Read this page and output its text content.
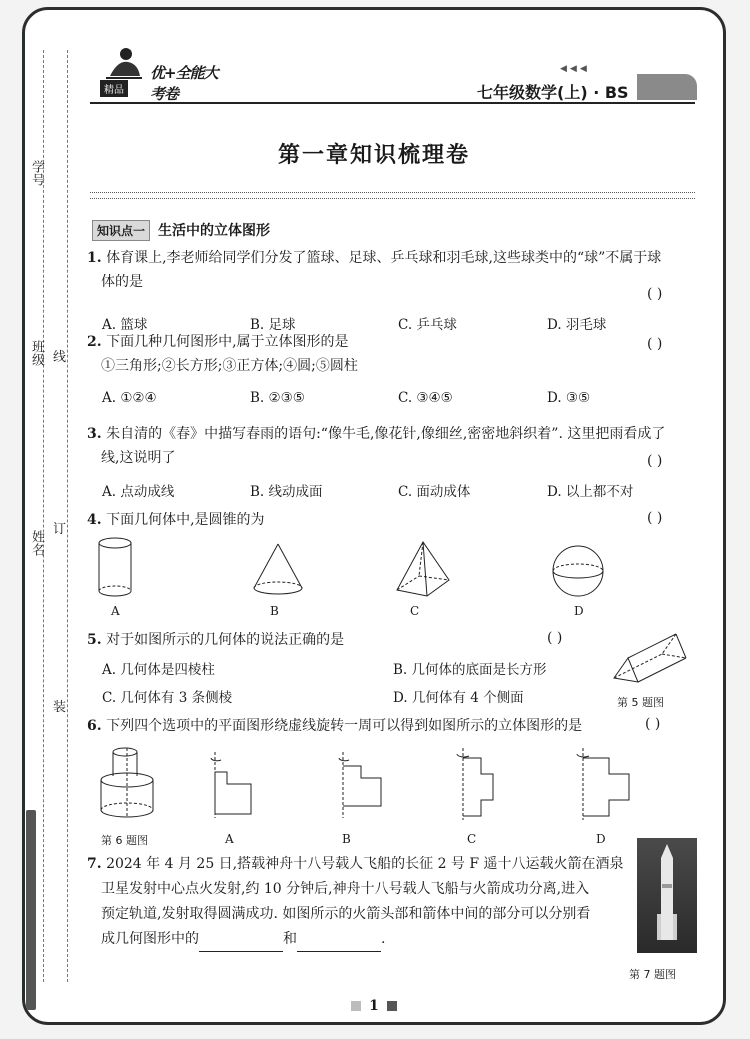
学号
班级 线
订
姓名
装
精品
优+全能大考卷
◀◀◀
七年级数学(上) · BS
第一章知识梳理卷
知识点一 生活中的立体图形
1. 体育课上,李老师给同学们分发了篮球、足球、乒乓球和羽毛球,这些球类中的“球”不属于球
体的是
( )
A. 篮球	B. 足球	C. 乒乓球	D. 羽毛球
2. 下面几种几何图形中,属于立体图形的是
①三角形;②长方形;③正方体;④圆;⑤圆柱
( )
A. ①②④	B. ②③⑤	C. ③④⑤	D. ③⑤
3. 朱自清的《春》中描写春雨的语句:“像牛毛,像花针,像细丝,密密地斜织着”. 这里把雨看成了
线,这说明了	( )
A. 点动成线	B. 线动成面	C. 面动成体	D. 以上都不对
4. 下面几何体中,是圆锥的为	( )
A	B	C	D
5. 对于如图所示的几何体的说法正确的是	( )
A. 几何体是四棱柱	B. 几何体的底面是长方形
C. 几何体有 3 条侧棱	D. 几何体有 4 个侧面	第 5 题图
6. 下列四个选项中的平面图形绕虚线旋转一周可以得到如图所示的立体图形的是	( )
第 6 题图	A	B	C	D
7. 2024 年 4 月 25 日,搭载神舟十八号载人飞船的长征 2 号 F 遥十八运载火箭在酒泉
卫星发射中心点火发射,约 10 分钟后,神舟十八号载人飞船与火箭成功分离,进入
预定轨道,发射取得圆满成功. 如图所示的火箭头部和箭体中间的部分可以分别看
成几何图形中的	和	.
第 7 题图
1
